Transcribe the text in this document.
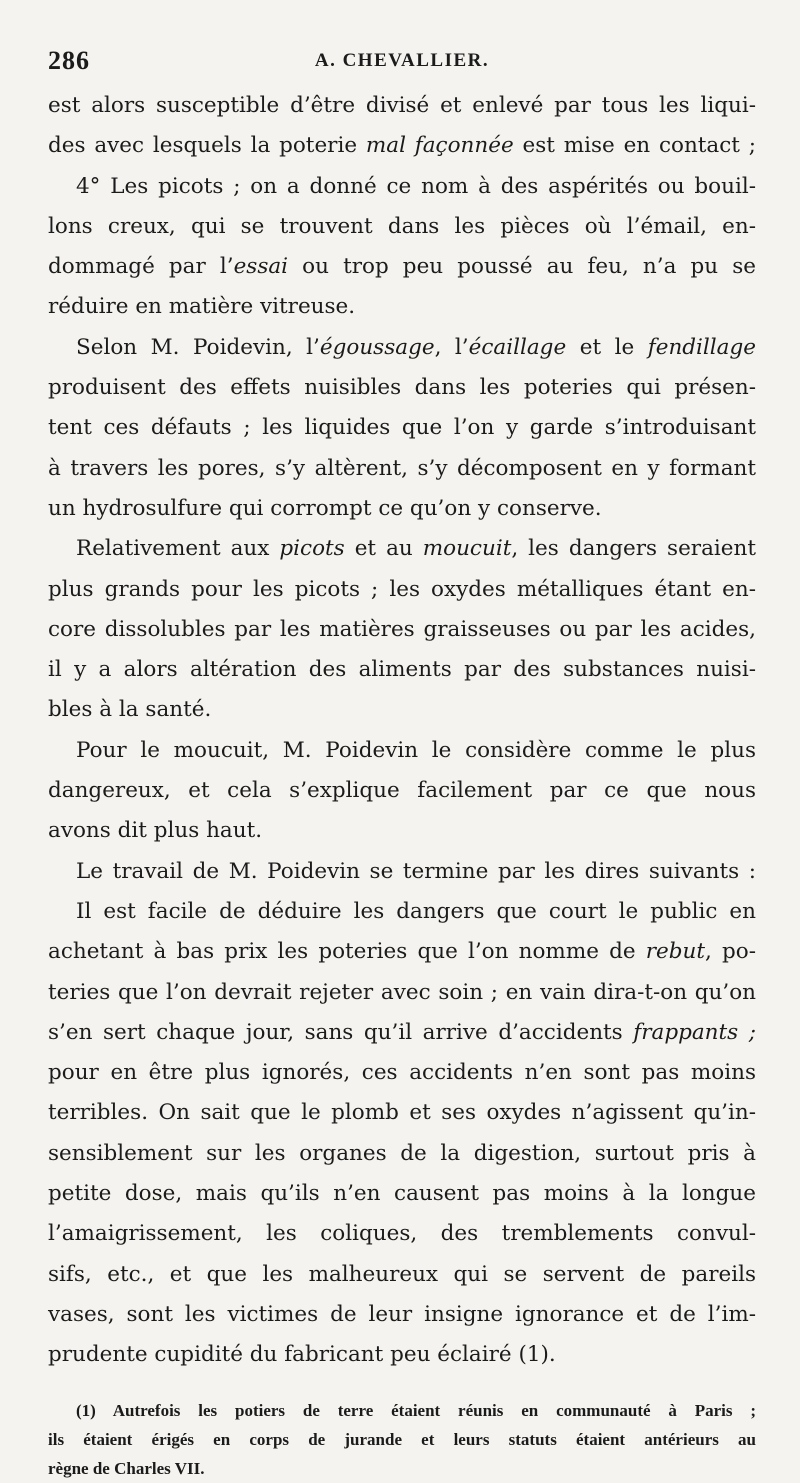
286	A. CHEVALLIER.
est alors susceptible d’être divisé et enlevé par tous les liqui-
des avec lesquels la poterie mal façonnée est mise en contact ;
4° Les picots ; on a donné ce nom à des aspérités ou bouil-
lons creux, qui se trouvent dans les pièces où l’émail, en-
dommagé par l’essai ou trop peu poussé au feu, n’a pu se
réduire en matière vitreuse.
Selon M. Poidevin, l’égoussage, l’écaillage et le fendillage
produisent des effets nuisibles dans les poteries qui présen-
tent ces défauts ; les liquides que l’on y garde s’introduisant
à travers les pores, s’y altèrent, s’y décomposent en y formant
un hydrosulfure qui corrompt ce qu’on y conserve.
Relativement aux picots et au moucuit, les dangers seraient
plus grands pour les picots ; les oxydes métalliques étant en-
core dissolubles par les matières graisseuses ou par les acides,
il y a alors altération des aliments par des substances nuisi-
bles à la santé.
Pour le moucuit, M. Poidevin le considère comme le plus
dangereux, et cela s’explique facilement par ce que nous
avons dit plus haut.
Le travail de M. Poidevin se termine par les dires suivants :
Il est facile de déduire les dangers que court le public en
achetant à bas prix les poteries que l’on nomme de rebut, po-
teries que l’on devrait rejeter avec soin ; en vain dira-t-on qu’on
s’en sert chaque jour, sans qu’il arrive d’accidents frappants ;
pour en être plus ignorés, ces accidents n’en sont pas moins
terribles. On sait que le plomb et ses oxydes n’agissent qu’in-
sensiblement sur les organes de la digestion, surtout pris à
petite dose, mais qu’ils n’en causent pas moins à la longue
l’amaigrissement, les coliques, des tremblements convul-
sifs, etc., et que les malheureux qui se servent de pareils
vases, sont les victimes de leur insigne ignorance et de l’im-
prudente cupidité du fabricant peu éclairé (1).
(1) Autrefois les potiers de terre étaient réunis en communauté à Paris ;
ils étaient érigés en corps de jurande et leurs statuts étaient antérieurs au
règne de Charles VII.
